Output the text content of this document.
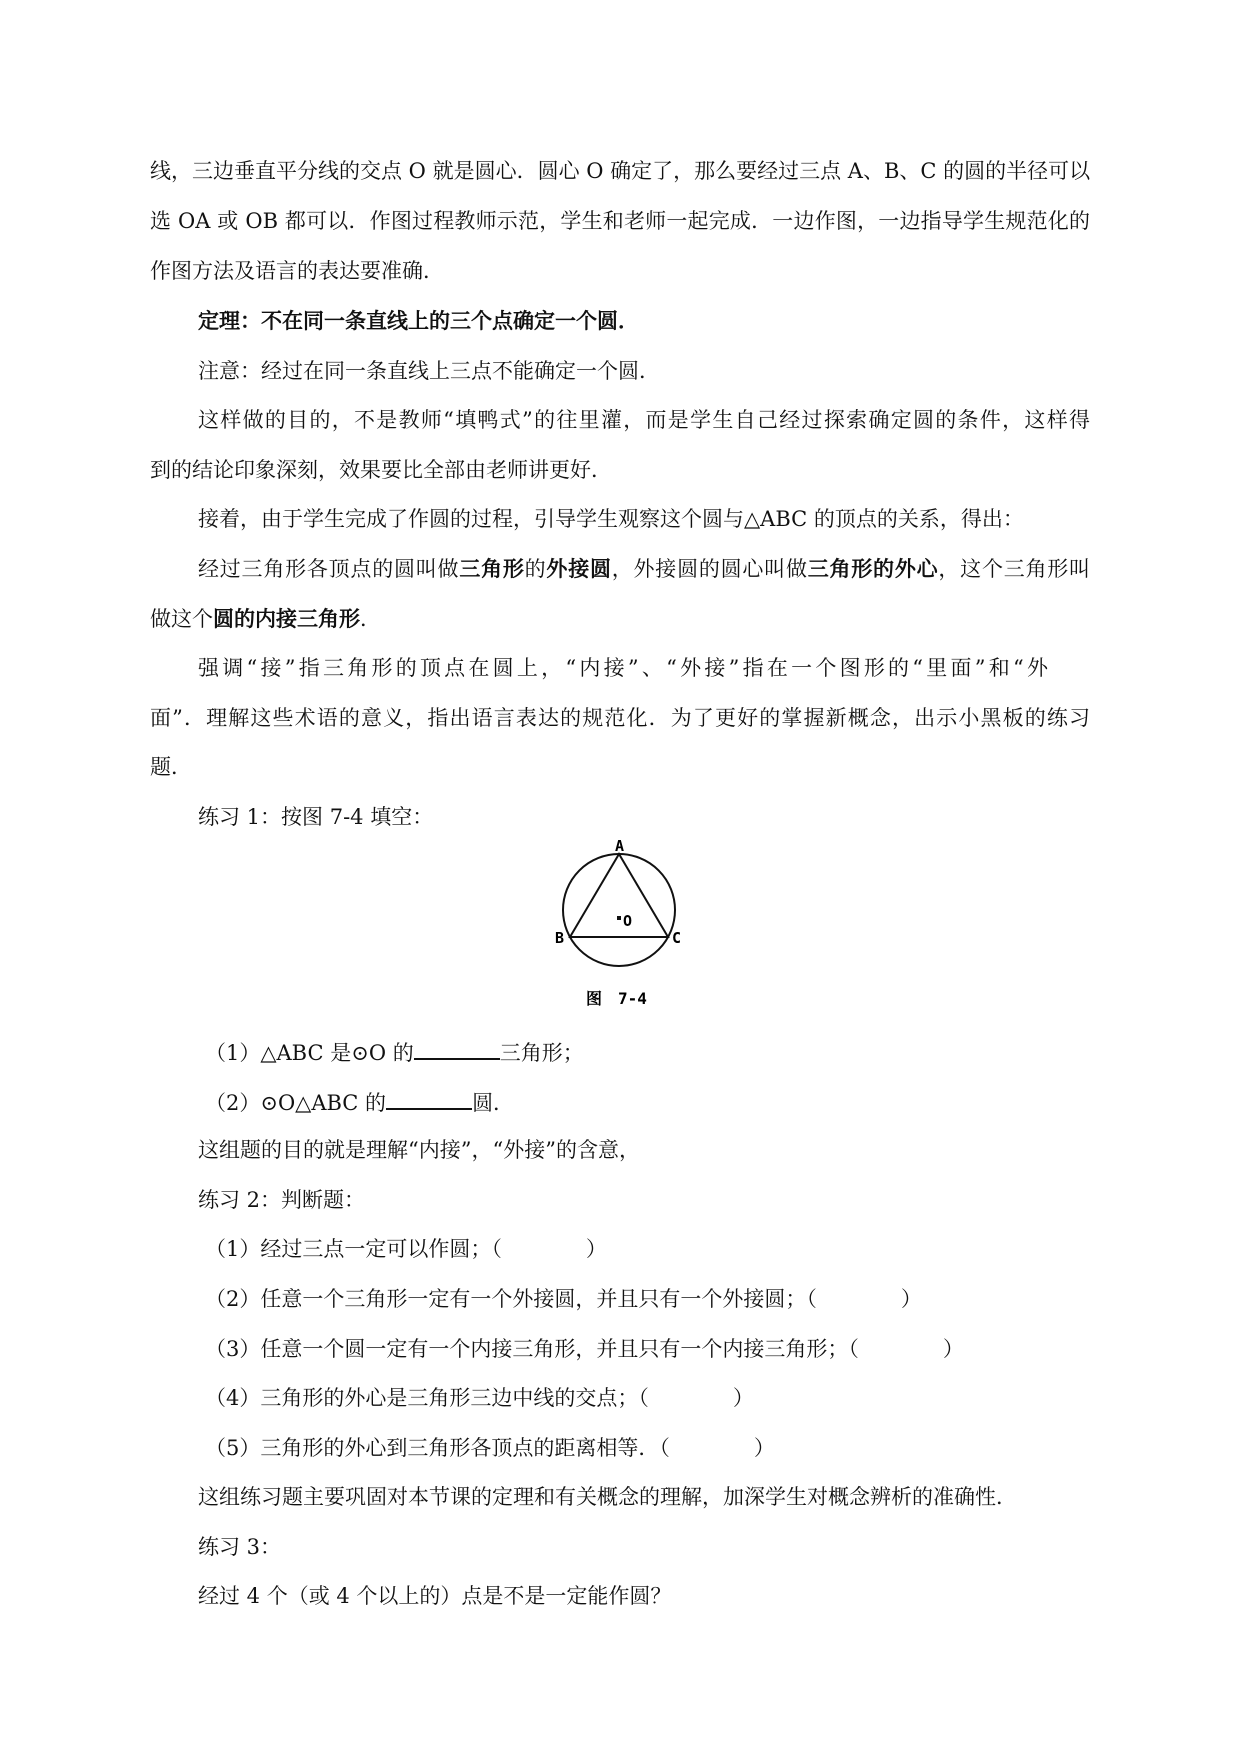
线，三边垂直平分线的交点 O 就是圆心．圆心 O 确定了，那么要经过三点 A、B、C 的圆的半径可以
选 OA 或 OB 都可以．作图过程教师示范，学生和老师一起完成．一边作图，一边指导学生规范化的
作图方法及语言的表达要准确．
定理：不在同一条直线上的三个点确定一个圆．
注意：经过在同一条直线上三点不能确定一个圆．
这样做的目的，不是教师“填鸭式”的往里灌，而是学生自己经过探索确定圆的条件，这样得
到的结论印象深刻，效果要比全部由老师讲更好．
接着，由于学生完成了作圆的过程，引导学生观察这个圆与△ABC 的顶点的关系，得出：
经过三角形各顶点的圆叫做三角形的外接圆，外接圆的圆心叫做三角形的外心，这个三角形叫
做这个圆的内接三角形．
强调“接”指三角形的顶点在圆上，“内接”、“外接”指在一个图形的“里面”和“外
面”．理解这些术语的意义，指出语言表达的规范化．为了更好的掌握新概念，出示小黑板的练习
题．
练习 1：按图 7-4 填空：
A
B	C
O
图　7-4
（1）△ABC 是⊙O 的	三角形；
（2）⊙O△ABC 的	圆．
这组题的目的就是理解“内接”，“外接”的含意，
练习 2：判断题：
（1）经过三点一定可以作圆；（　　　　）
（2）任意一个三角形一定有一个外接圆，并且只有一个外接圆；（　　　　）
（3）任意一个圆一定有一个内接三角形，并且只有一个内接三角形；（　　　　）
（4）三角形的外心是三角形三边中线的交点；（　　　　）
（5）三角形的外心到三角形各顶点的距离相等．（　　　　）
这组练习题主要巩固对本节课的定理和有关概念的理解，加深学生对概念辨析的准确性．
练习 3：
经过 4 个（或 4 个以上的）点是不是一定能作圆？
